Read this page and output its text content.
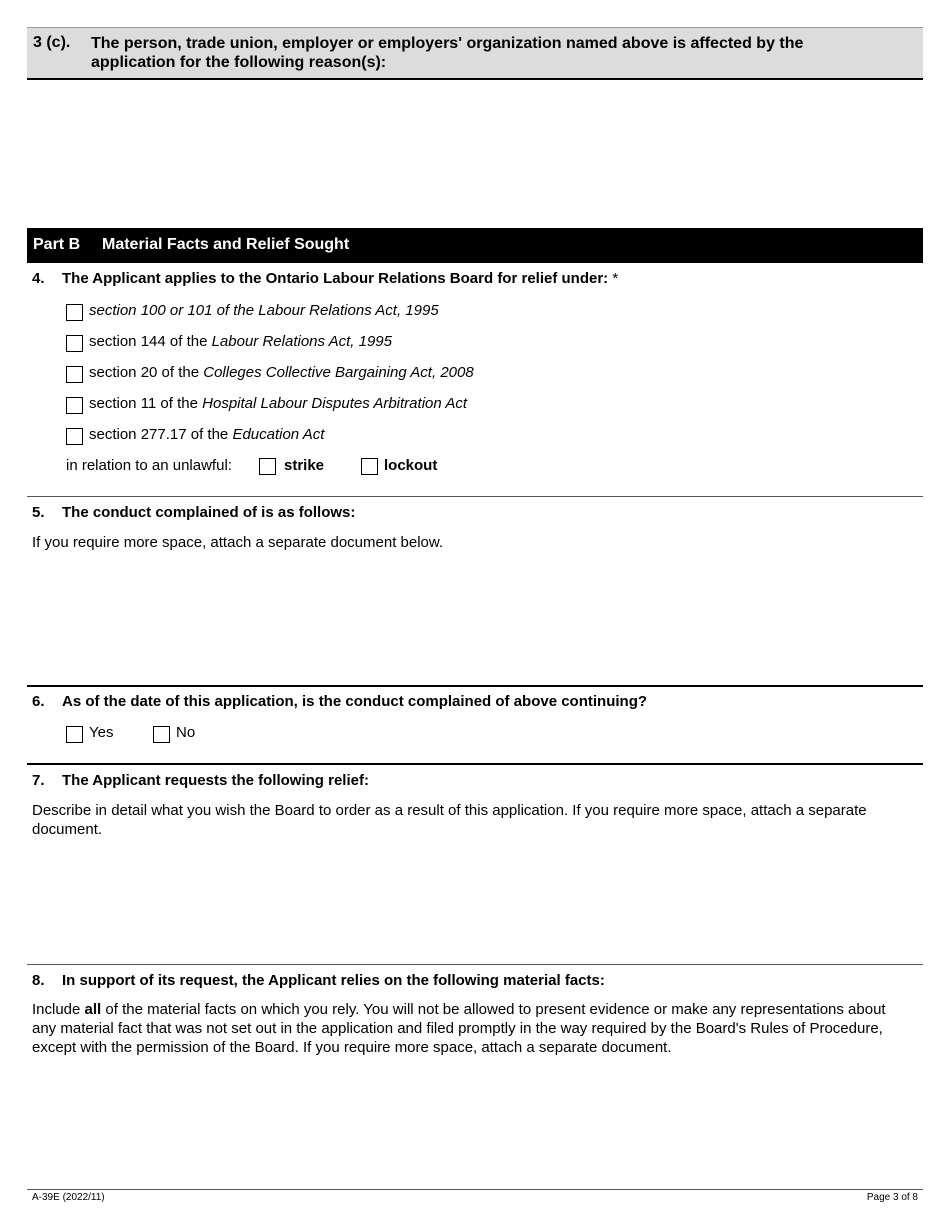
3 (c). The person, trade union, employer or employers' organization named above is affected by the application for the following reason(s):
Part B Material Facts and Relief Sought
4. The Applicant applies to the Ontario Labour Relations Board for relief under: *
section 100 or 101 of the Labour Relations Act, 1995
section 144 of the Labour Relations Act, 1995
section 20 of the Colleges Collective Bargaining Act, 2008
section 11 of the Hospital Labour Disputes Arbitration Act
section 277.17 of the Education Act
in relation to an unlawful:	strike	lockout
5. The conduct complained of is as follows:
If you require more space, attach a separate document below.
6. As of the date of this application, is the conduct complained of above continuing?
Yes	No
7. The Applicant requests the following relief:
Describe in detail what you wish the Board to order as a result of this application. If you require more space, attach a separate document.
8. In support of its request, the Applicant relies on the following material facts:
Include all of the material facts on which you rely. You will not be allowed to present evidence or make any representations about any material fact that was not set out in the application and filed promptly in the way required by the Board's Rules of Procedure, except with the permission of the Board. If you require more space, attach a separate document.
A-39E (2022/11)	Page 3 of 8
